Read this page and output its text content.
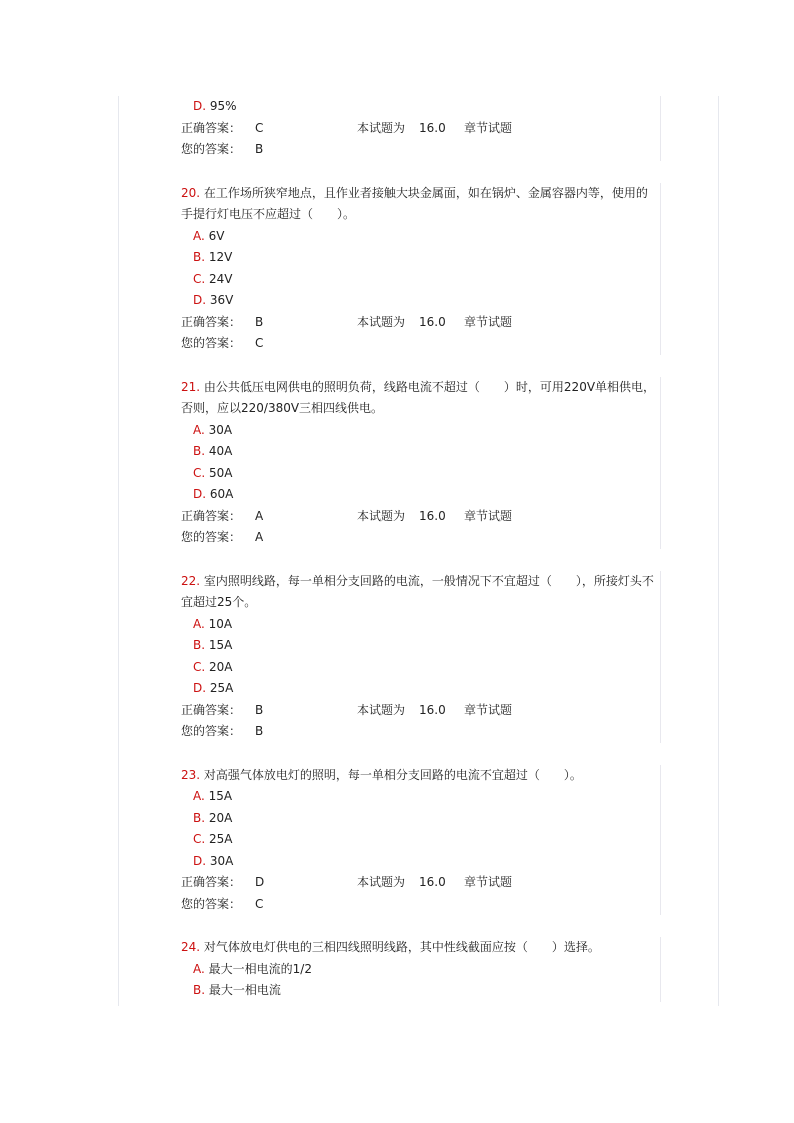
D. 95%
正确答案： C	本试题为 16.0 章节试题
您的答案： B
20. 在工作场所狭窄地点，且作业者接触大块金属面，如在锅炉、金属容器内等，使用的手提行灯电压不应超过（　　）。
A. 6V
B. 12V
C. 24V
D. 36V
正确答案： B	本试题为 16.0 章节试题
您的答案： C
21. 由公共低压电网供电的照明负荷，线路电流不超过（　　）时，可用220V单相供电，否则，应以220/380V三相四线供电。
A. 30A
B. 40A
C. 50A
D. 60A
正确答案： A	本试题为 16.0 章节试题
您的答案： A
22. 室内照明线路，每一单相分支回路的电流，一般情况下不宜超过（　　），所接灯头不宜超过25个。
A. 10A
B. 15A
C. 20A
D. 25A
正确答案： B	本试题为 16.0 章节试题
您的答案： B
23. 对高强气体放电灯的照明，每一单相分支回路的电流不宜超过（　　）。
A. 15A
B. 20A
C. 25A
D. 30A
正确答案： D	本试题为 16.0 章节试题
您的答案： C
24. 对气体放电灯供电的三相四线照明线路，其中性线截面应按（　　）选择。
A. 最大一相电流的1/2
B. 最大一相电流
